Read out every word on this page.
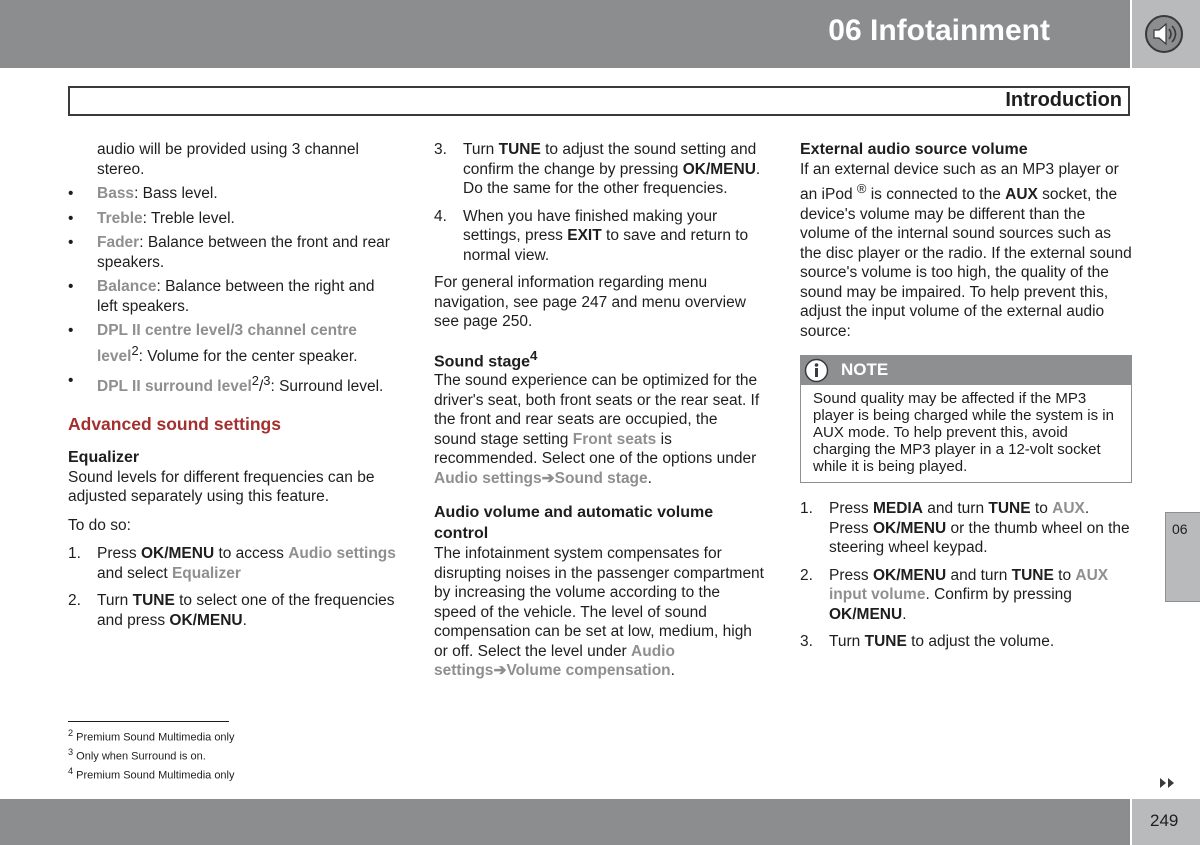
06 Infotainment
Introduction

audio will be provided using 3 channel stereo.

• Bass: Bass level.
• Treble: Treble level.
• Fader: Balance between the front and rear speakers.
• Balance: Balance between the right and left speakers.
• DPL II centre level/3 channel centre level$^2$: Volume for the center speaker.
• DPL II surround level$^2$/$^3$: Surround level.
Advanced sound settings
Equalizer

Sound levels for different frequencies can be adjusted separately using this feature.

To do so:

1. Press OK/MENU to access Audio settings and select Equalizer
2. Turn TUNE to select one of the frequencies and press OK/MENU.
3. Turn TUNE to adjust the sound setting and confirm the change by pressing OK/MENU. Do the same for the other frequencies.
4. When you have finished making your settings, press EXIT to save and return to normal view.

For general information regarding menu navigation, see page 247 and menu overview see page 250.

Sound stage$^4$

The sound experience can be optimized for the driver's seat, both front seats or the rear seat. If the front and rear seats are occupied, the sound stage setting Front seats is recommended. Select one of the options under Audio settings➔Sound stage.

Audio volume and automatic volume control

The infotainment system compensates for disrupting noises in the passenger compartment by increasing the volume according to the speed of the vehicle. The level of sound compensation can be set at low, medium, high or off. Select the level under Audio settings➔Volume compensation.

External audio source volume

If an external device such as an MP3 player or an iPod ® is connected to the AUX socket, the device's volume may be different than the volume of the internal sound sources such as the disc player or the radio. If the external sound source's volume is too high, the quality of the sound may be impaired. To help prevent this, adjust the input volume of the external audio source:

NOTE
Sound quality may be affected if the MP3 player is being charged while the system is in AUX mode. To help prevent this, avoid charging the MP3 player in a 12-volt socket while it is being played.
1. Press MEDIA and turn TUNE to AUX. Press OK/MENU or the thumb wheel on the steering wheel keypad.
2. Press OK/MENU and turn TUNE to AUX input volume. Confirm by pressing OK/MENU.
3. Turn TUNE to adjust the volume.
06
$^2$ Premium Sound Multimedia only
$^3$ Only when Surround is on.
$^4$ Premium Sound Multimedia only
249
